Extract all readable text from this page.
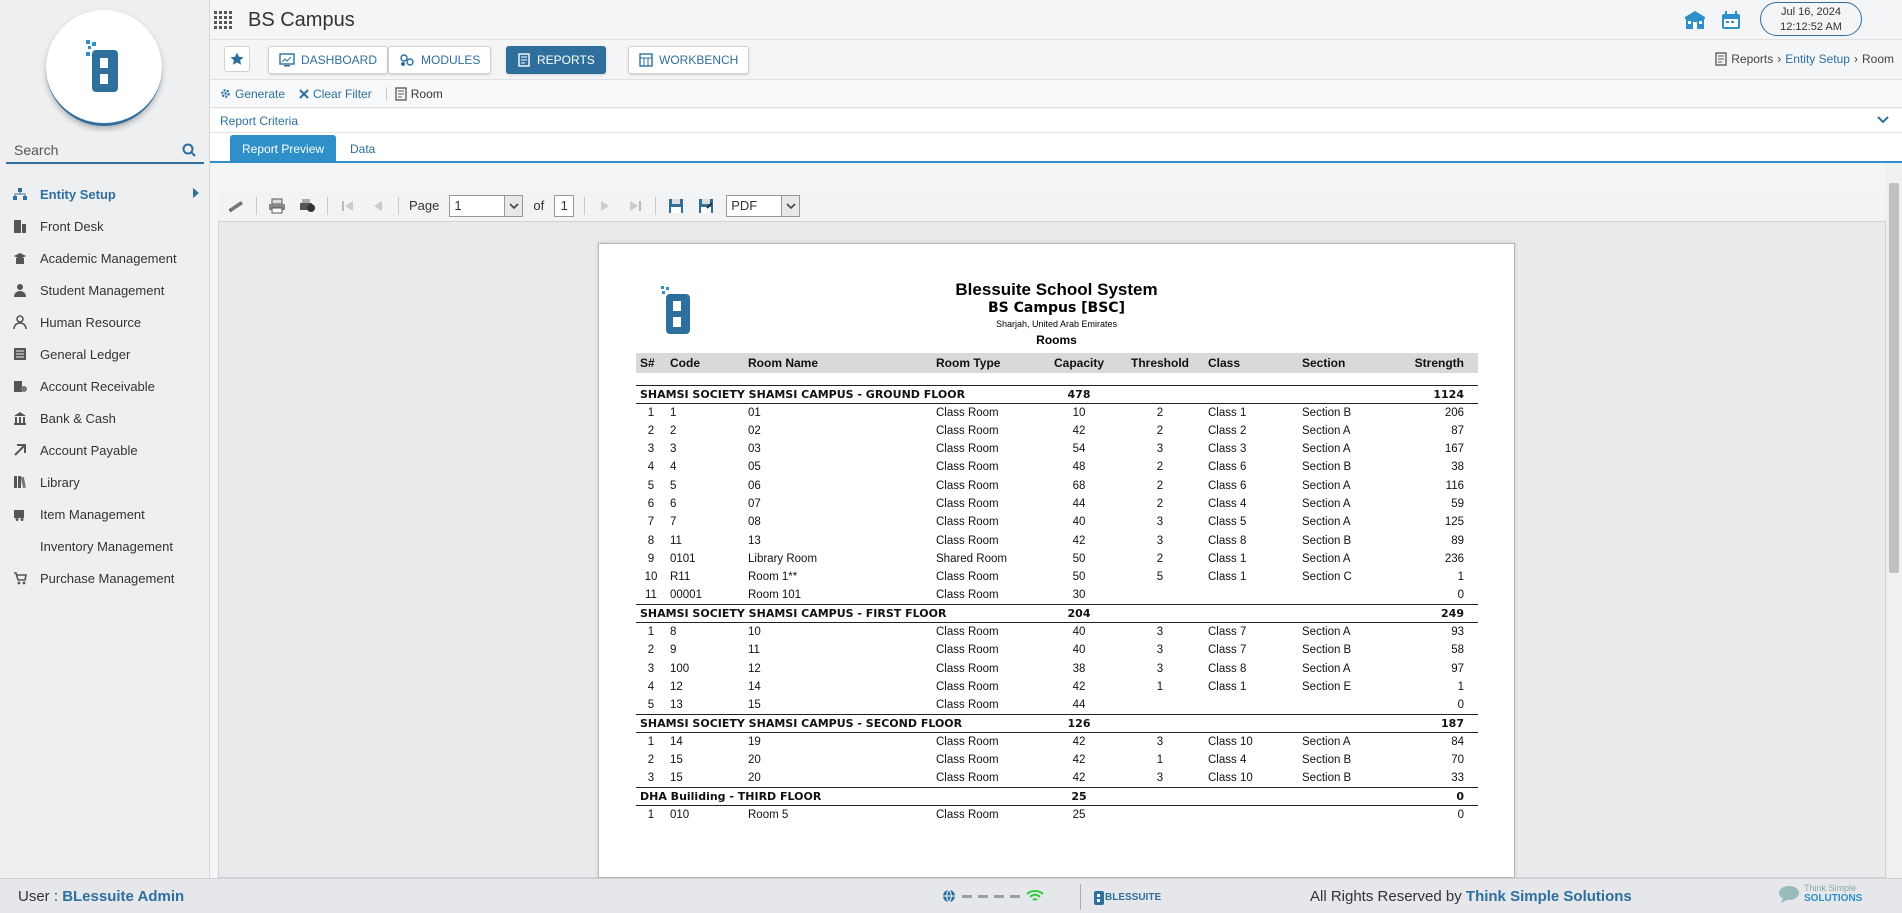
Search
Entity Setup
Front Desk
Academic Management
Student Management
Human Resource
General Ledger
Account Receivable
Bank & Cash
Account Payable
Library
Item Management
Inventory Management
Purchase Management
BS Campus	Jul 16, 2024
12:12:52 AM
DASHBOARD	MODULES	REPORTS	WORKBENCH	Reports › Entity Setup › Room
Generate Clear Filter	Room
Report Criteria
Report Preview	Data
Page	1	of	1	PDF
Blessuite School System
BS Campus [BSC]
Sharjah, United Arab Emirates
Rooms
S#	Code	Room Name	Room Type	Capacity	Threshold	Class	Section	Strength

SHAMSI SOCIETY SHAMSI CAMPUS - GROUND FLOOR				478				1124
1	1	01	Class Room	10	2	Class 1	Section B	206
2	2	02	Class Room	42	2	Class 2	Section A	87
3	3	03	Class Room	54	3	Class 3	Section A	167
4	4	05	Class Room	48	2	Class 6	Section B	38
5	5	06	Class Room	68	2	Class 6	Section A	116
6	6	07	Class Room	44	2	Class 4	Section A	59
7	7	08	Class Room	40	3	Class 5	Section A	125
8	11	13	Class Room	42	3	Class 8	Section B	89
9	0101	Library Room	Shared Room	50	2	Class 1	Section A	236
10	R11	Room 1**	Class Room	50	5	Class 1	Section C	1
11	00001	Room 101	Class Room	30				0
SHAMSI SOCIETY SHAMSI CAMPUS - FIRST FLOOR				204				249
1	8	10	Class Room	40	3	Class 7	Section A	93
2	9	11	Class Room	40	3	Class 7	Section B	58
3	100	12	Class Room	38	3	Class 8	Section A	97
4	12	14	Class Room	42	1	Class 1	Section E	1
5	13	15	Class Room	44				0
SHAMSI SOCIETY SHAMSI CAMPUS - SECOND FLOOR				126				187
1	14	19	Class Room	42	3	Class 10	Section A	84
2	15	20	Class Room	42	1	Class 4	Section B	70
3	15	20	Class Room	42	3	Class 10	Section B	33
DHA Builiding - THIRD FLOOR				25				0
1	010	Room 5	Class Room	25				0
User : BLessuite Admin	BLESSUITE	All Rights Reserved by Think Simple Solutions	Think Simple
SOLUTIONS
